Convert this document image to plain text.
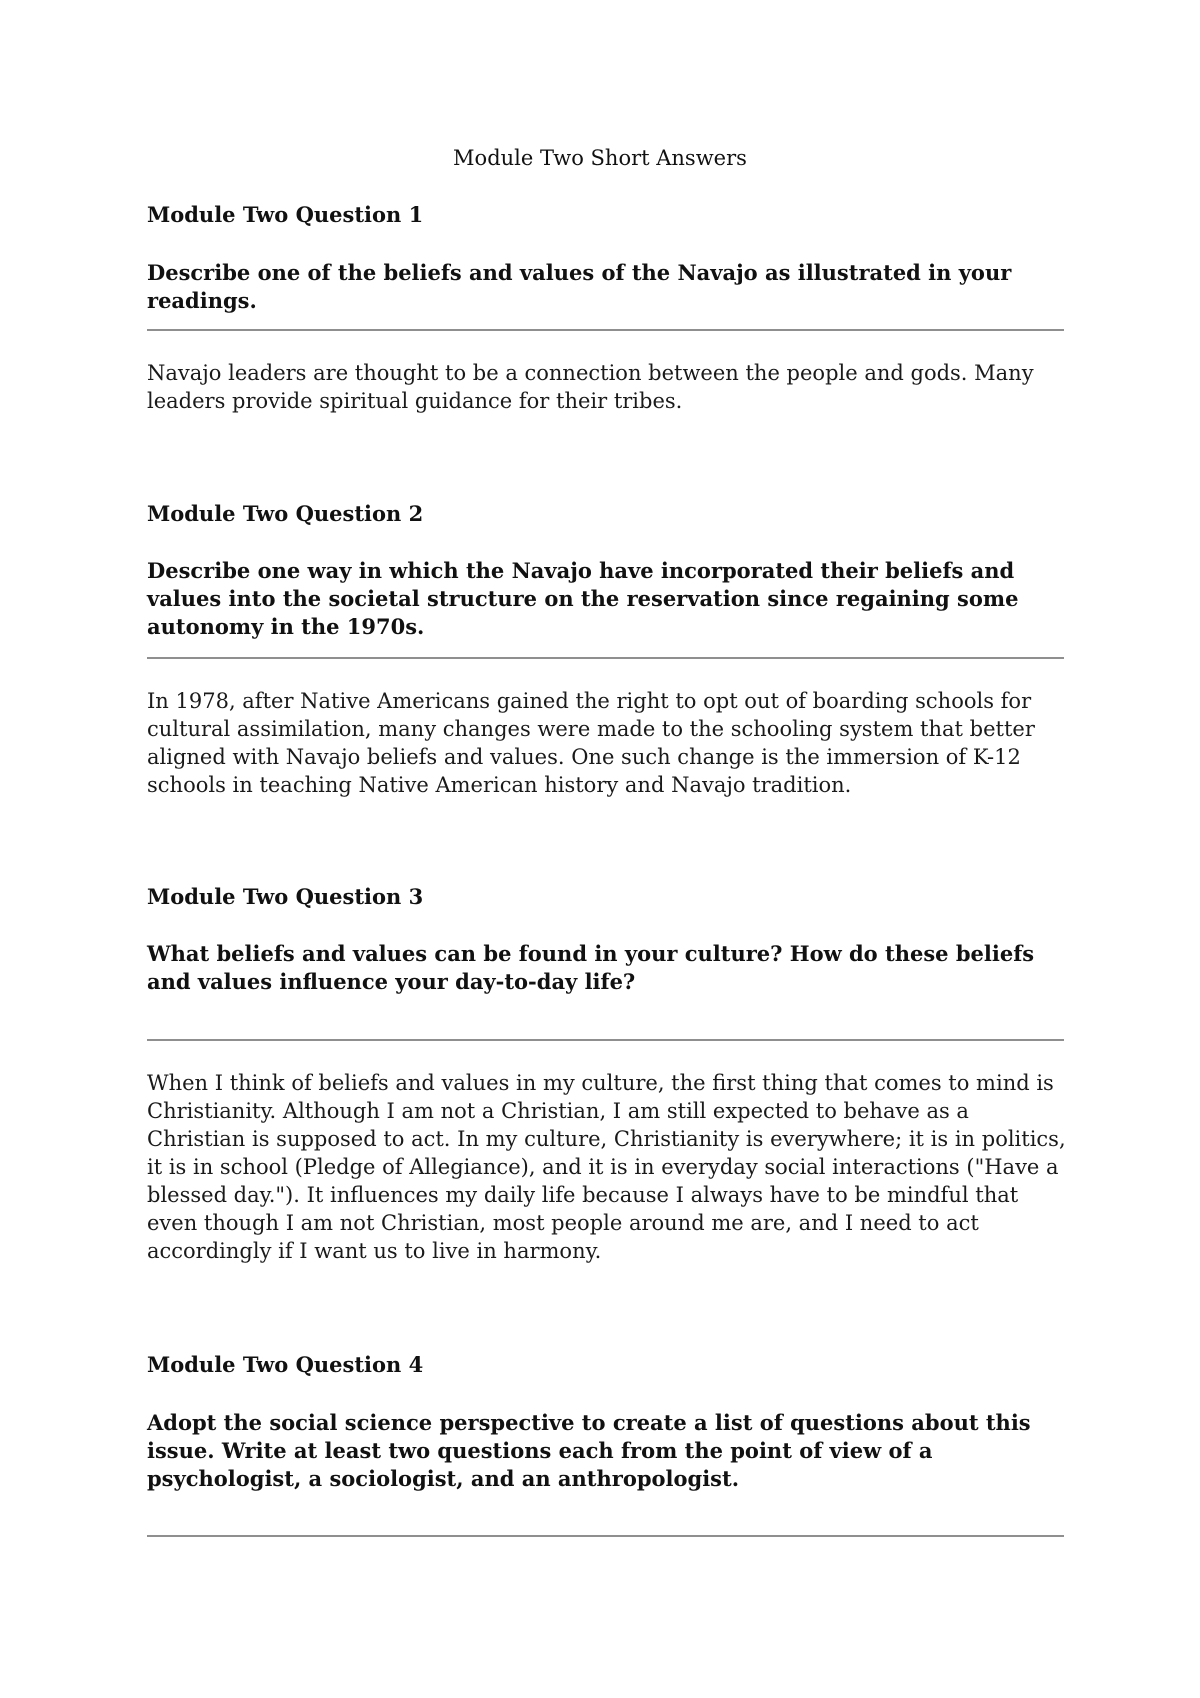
Module Two Short Answers
Module Two Question 1

Describe one of the beliefs and values of the Navajo as illustrated in your readings.

Navajo leaders are thought to be a connection between the people and gods. Many leaders provide spiritual guidance for their tribes.

Module Two Question 2

Describe one way in which the Navajo have incorporated their beliefs and values into the societal structure on the reservation since regaining some autonomy in the 1970s.

In 1978, after Native Americans gained the right to opt out of boarding schools for cultural assimilation, many changes were made to the schooling system that better aligned with Navajo beliefs and values. One such change is the immersion of K-12 schools in teaching Native American history and Navajo tradition.

Module Two Question 3

What beliefs and values can be found in your culture? How do these beliefs and values influence your day-to-day life?

When I think of beliefs and values in my culture, the first thing that comes to mind is Christianity. Although I am not a Christian, I am still expected to behave as a Christian is supposed to act. In my culture, Christianity is everywhere; it is in politics, it is in school (Pledge of Allegiance), and it is in everyday social interactions ("Have a blessed day."). It influences my daily life because I always have to be mindful that even though I am not Christian, most people around me are, and I need to act accordingly if I want us to live in harmony.

Module Two Question 4

Adopt the social science perspective to create a list of questions about this issue. Write at least two questions each from the point of view of a psychologist, a sociologist, and an anthropologist.
